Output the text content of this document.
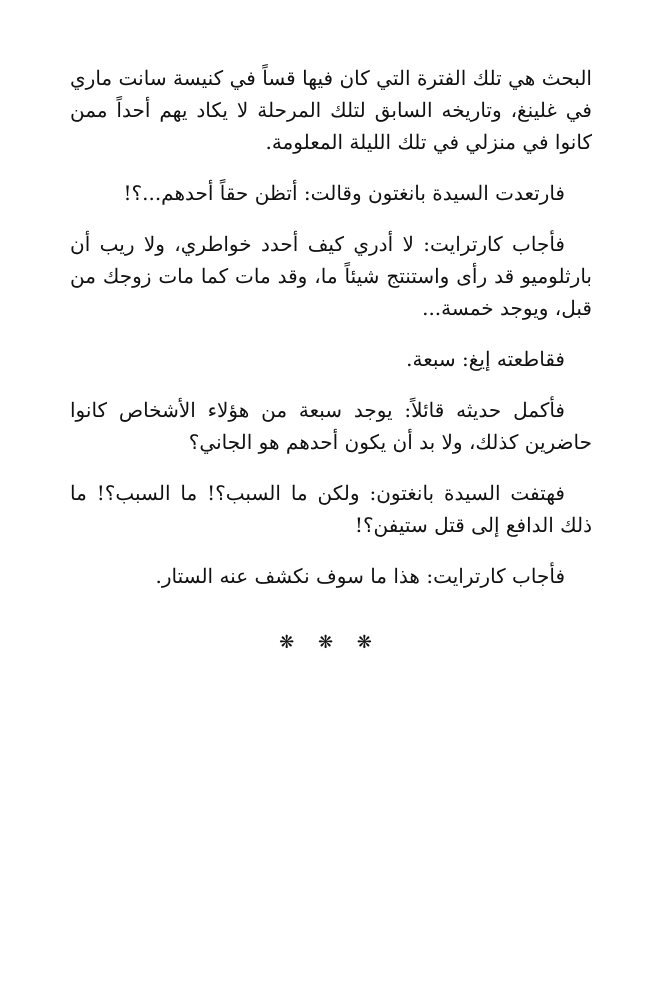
البحث هي تلك الفترة التي كان فيها قساً في كنيسة سانت ماري في غلينغ، وتاريخه السابق لتلك المرحلة لا يكاد يهم أحداً ممن كانوا في منزلي في تلك الليلة المعلومة.

فارتعدت السيدة بانغتون وقالت: أتظن حقاً أحدهم...؟!

فأجاب كارترايت: لا أدري كيف أحدد خواطري، ولا ريب أن بارثلوميو قد رأى واستنتج شيئاً ما، وقد مات كما مات زوجك من قبل، ويوجد خمسة...

فقاطعته إيغ: سبعة.

فأكمل حديثه قائلاً: يوجد سبعة من هؤلاء الأشخاص كانوا حاضرين كذلك، ولا بد أن يكون أحدهم هو الجاني؟

فهتفت السيدة بانغتون: ولكن ما السبب؟! ما السبب؟! ما ذلك الدافع إلى قتل ستيفن؟!

فأجاب كارترايت: هذا ما سوف نكشف عنه الستار.

❋ ❋ ❋
